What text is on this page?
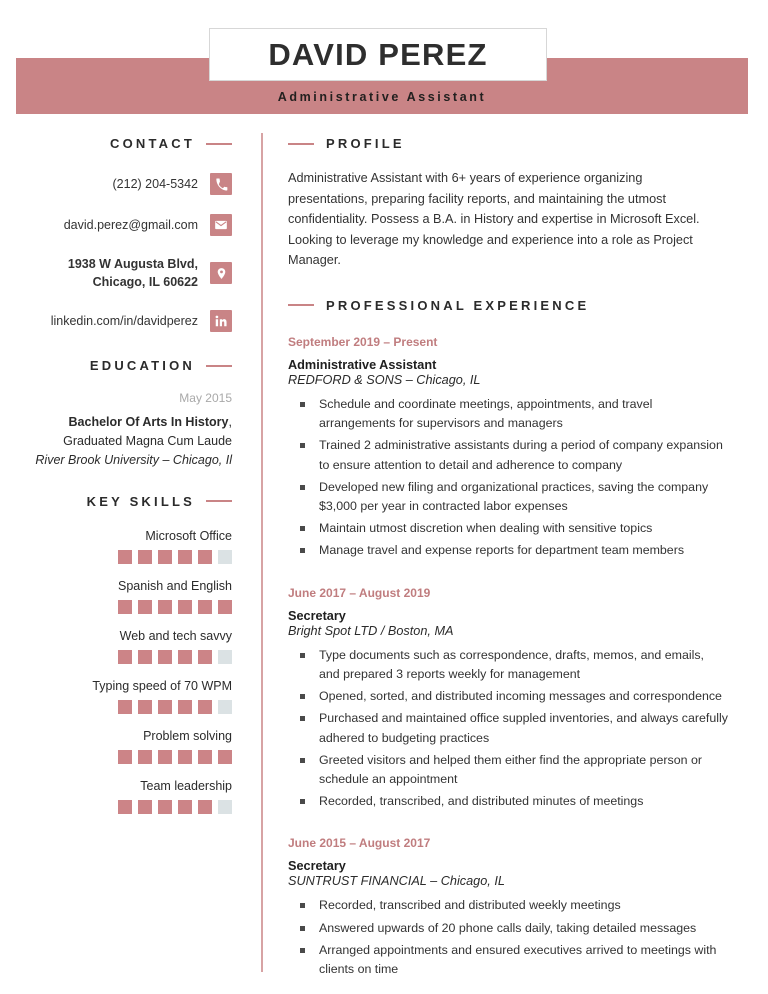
DAVID PEREZ
Administrative Assistant
CONTACT
(212) 204-5342
david.perez@gmail.com
1938 W Augusta Blvd,
Chicago, IL 60622
linkedin.com/in/davidperez
EDUCATION
May 2015
Bachelor Of Arts In History,
Graduated Magna Cum Laude
River Brook University – Chicago, Il
KEY SKILLS
Microsoft Office
Spanish and English
Web and tech savvy
Typing speed of 70 WPM
Problem solving
Team leadership
PROFILE
Administrative Assistant with 6+ years of experience organizing presentations, preparing facility reports, and maintaining the utmost confidentiality. Possess a B.A. in History and expertise in Microsoft Excel. Looking to leverage my knowledge and experience into a role as Project Manager.
PROFESSIONAL EXPERIENCE
September 2019 – Present
Administrative Assistant
REDFORD & SONS – Chicago, IL
Schedule and coordinate meetings, appointments, and travel arrangements for supervisors and managers
Trained 2 administrative assistants during a period of company expansion to ensure attention to detail and adherence to company
Developed new filing and organizational practices, saving the company $3,000 per year in contracted labor expenses
Maintain utmost discretion when dealing with sensitive topics
Manage travel and expense reports for department team members
June 2017 – August 2019
Secretary
Bright Spot LTD / Boston, MA
Type documents such as correspondence, drafts, memos, and emails, and prepared 3 reports weekly for management
Opened, sorted, and distributed incoming messages and correspondence
Purchased and maintained office suppled inventories, and always carefully adhered to budgeting practices
Greeted visitors and helped them either find the appropriate person or schedule an appointment
Recorded, transcribed, and distributed minutes of meetings
June 2015 – August 2017
Secretary
SUNTRUST FINANCIAL – Chicago, IL
Recorded, transcribed and distributed weekly meetings
Answered upwards of 20 phone calls daily, taking detailed messages
Arranged appointments and ensured executives arrived to meetings with clients on time
